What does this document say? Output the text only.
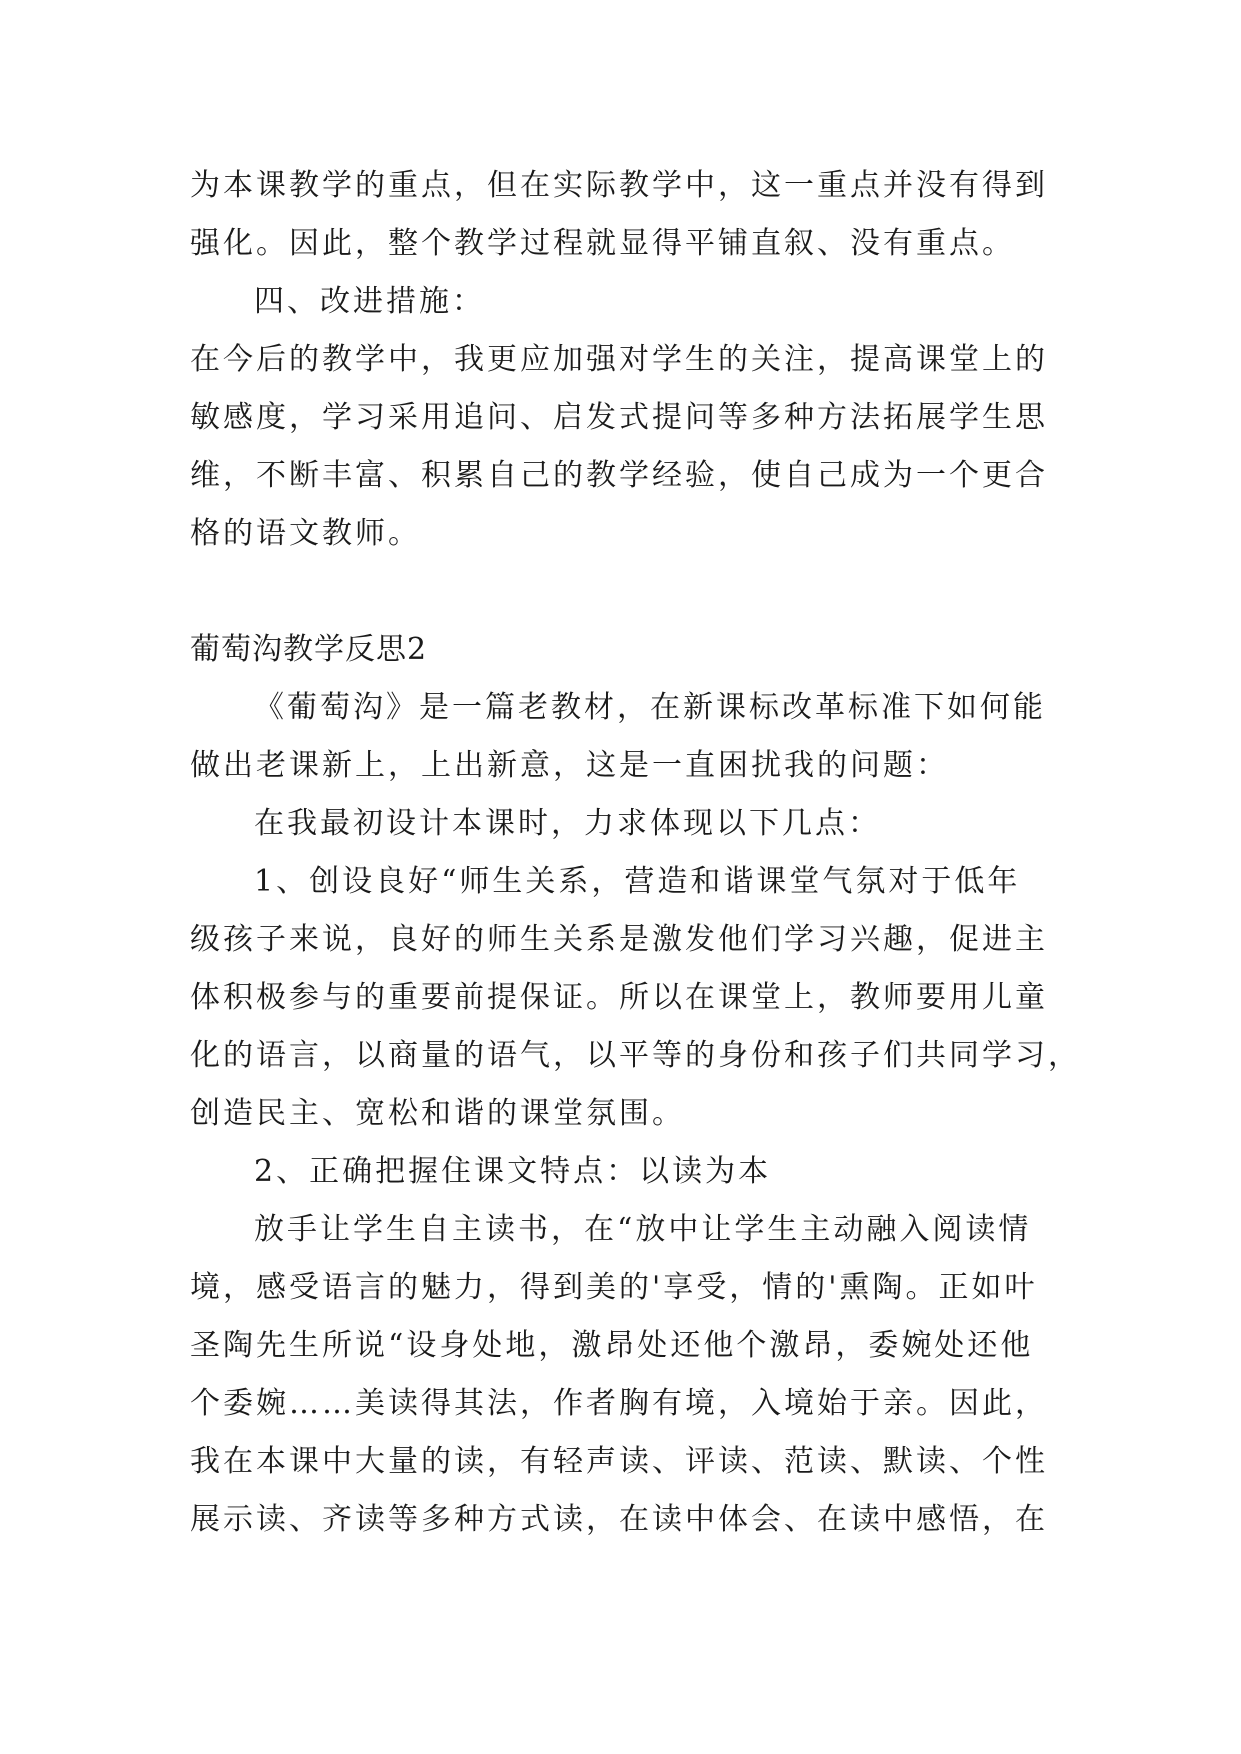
为本课教学的重点，但在实际教学中，这一重点并没有得到
强化。因此，整个教学过程就显得平铺直叙、没有重点。
四、改进措施：
在今后的教学中，我更应加强对学生的关注，提高课堂上的
敏感度，学习采用追问、启发式提问等多种方法拓展学生思
维，不断丰富、积累自己的教学经验，使自己成为一个更合
格的语文教师。
葡萄沟教学反思2
《葡萄沟》是一篇老教材，在新课标改革标准下如何能
做出老课新上，上出新意，这是一直困扰我的问题：
在我最初设计本课时，力求体现以下几点：
1、创设良好“师生关系，营造和谐课堂气氛对于低年
级孩子来说，良好的师生关系是激发他们学习兴趣，促进主
体积极参与的重要前提保证。所以在课堂上，教师要用儿童
化的语言，以商量的语气，以平等的身份和孩子们共同学习，
创造民主、宽松和谐的课堂氛围。
2、正确把握住课文特点：以读为本
放手让学生自主读书，在“放中让学生主动融入阅读情
境，感受语言的魅力，得到美的'享受，情的'熏陶。正如叶
圣陶先生所说“设身处地，激昂处还他个激昂，委婉处还他
个委婉……美读得其法，作者胸有境，入境始于亲。因此，
我在本课中大量的读，有轻声读、评读、范读、默读、个性
展示读、齐读等多种方式读，在读中体会、在读中感悟，在
